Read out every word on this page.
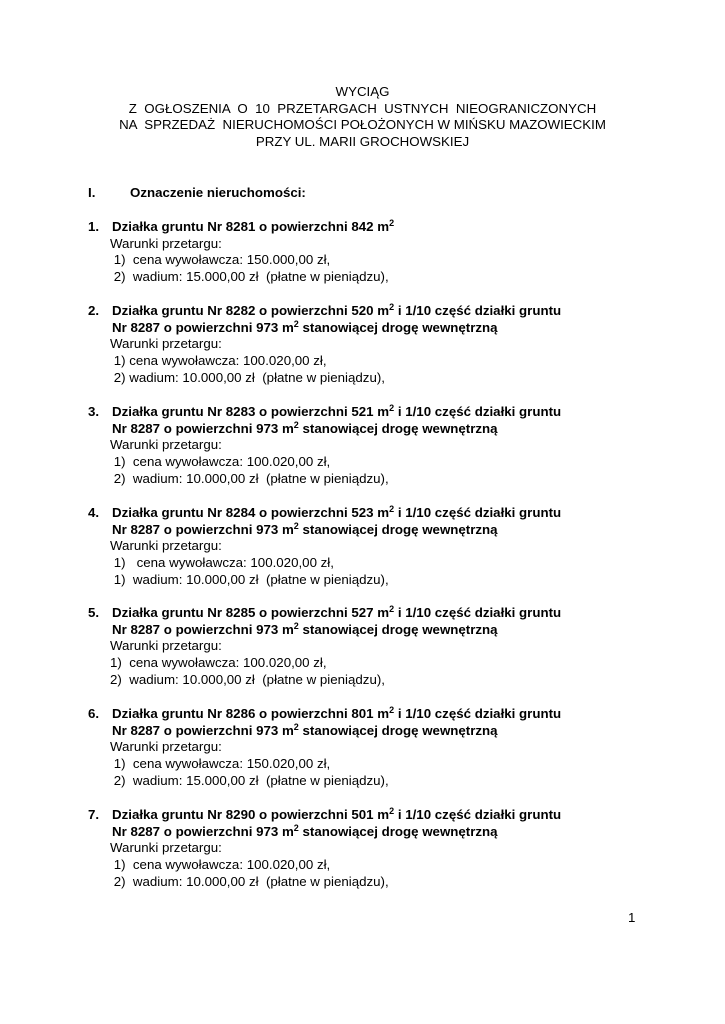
WYCIĄG
Z  OGŁOSZENIA  O  10  PRZETARGACH  USTNYCH  NIEOGRANICZONYCH
NA  SPRZEDAŻ  NIERUCHOMOŚCI POŁOŻONYCH W MIŃSKU MAZOWIECKIM
PRZY UL. MARII GROCHOWSKIEJ
I.	Oznaczenie nieruchomości:
1. Działka gruntu Nr 8281 o powierzchni 842 $m^2$
Warunki przetargu:
1)  cena wywoławcza: 150.000,00 zł,
2)  wadium: 15.000,00 zł  (płatne w pieniądzu),
2. Działka gruntu Nr 8282 o powierzchni 520 $m^2$ i 1/10 część działki gruntu
Nr 8287 o powierzchni 973 $m^2$ stanowiącej drogę wewnętrzną
Warunki przetargu:
1) cena wywoławcza: 100.020,00 zł,
2) wadium: 10.000,00 zł  (płatne w pieniądzu),
3. Działka gruntu Nr 8283 o powierzchni 521 $m^2$ i 1/10 część działki gruntu
Nr 8287 o powierzchni 973 $m^2$ stanowiącej drogę wewnętrzną
Warunki przetargu:
1)  cena wywoławcza: 100.020,00 zł,
2)  wadium: 10.000,00 zł  (płatne w pieniądzu),
4. Działka gruntu Nr 8284 o powierzchni 523 $m^2$ i 1/10 część działki gruntu
Nr 8287 o powierzchni 973 $m^2$ stanowiącej drogę wewnętrzną
Warunki przetargu:
1)   cena wywoławcza: 100.020,00 zł,
1)  wadium: 10.000,00 zł  (płatne w pieniądzu),
5. Działka gruntu Nr 8285 o powierzchni 527 $m^2$ i 1/10 część działki gruntu
Nr 8287 o powierzchni 973 $m^2$ stanowiącej drogę wewnętrzną
Warunki przetargu:
1)  cena wywoławcza: 100.020,00 zł,
2)  wadium: 10.000,00 zł  (płatne w pieniądzu),
6. Działka gruntu Nr 8286 o powierzchni 801 $m^2$ i 1/10 część działki gruntu
Nr 8287 o powierzchni 973 $m^2$ stanowiącej drogę wewnętrzną
Warunki przetargu:
1)  cena wywoławcza: 150.020,00 zł,
2)  wadium: 15.000,00 zł  (płatne w pieniądzu),
7. Działka gruntu Nr 8290 o powierzchni 501 $m^2$ i 1/10 część działki gruntu
Nr 8287 o powierzchni 973 $m^2$ stanowiącej drogę wewnętrzną
Warunki przetargu:
1)  cena wywoławcza: 100.020,00 zł,
2)  wadium: 10.000,00 zł  (płatne w pieniądzu),
1
